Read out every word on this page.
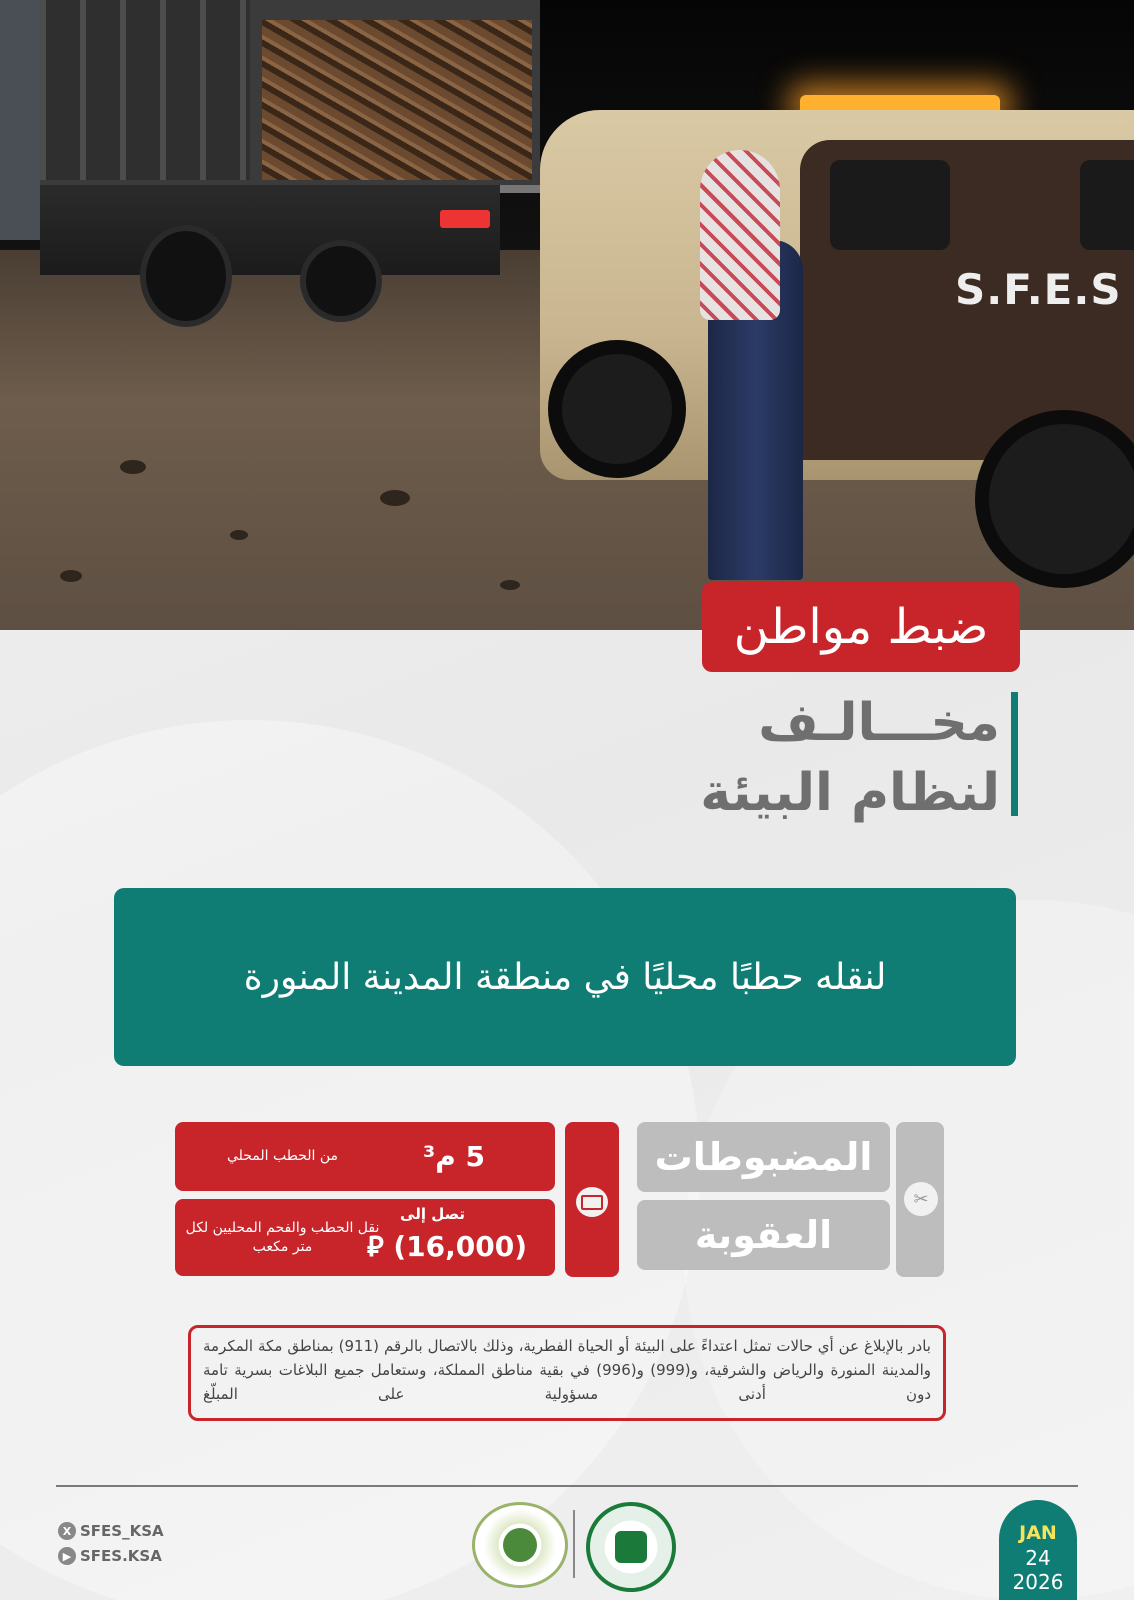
S.F.E.S
ضبط مواطن
مخـــالـف
لنظام البيئة
لنقله حطبًا محليًا في منطقة المدينة المنورة
✂
المضبوطات
العقوبة
5 م³
من الحطب المحلي
تصل إلى
(16,000) ⃁
نقل الحطب والفحم المحليين لكل متر مكعب
بادر بالإبلاغ عن أي حالات تمثل اعتداءً على البيئة أو الحياة الفطرية، وذلك بالاتصال بالرقم (911) بمناطق مكة المكرمة والمدينة المنورة والرياض والشرقية، و(999) و(996) في بقية مناطق المملكة، وستعامل جميع البلاغات بسرية تامة دون أدنى مسؤولية على المبلّغ
X SFES_KSA
▶ SFES.KSA
JAN
24
2026
